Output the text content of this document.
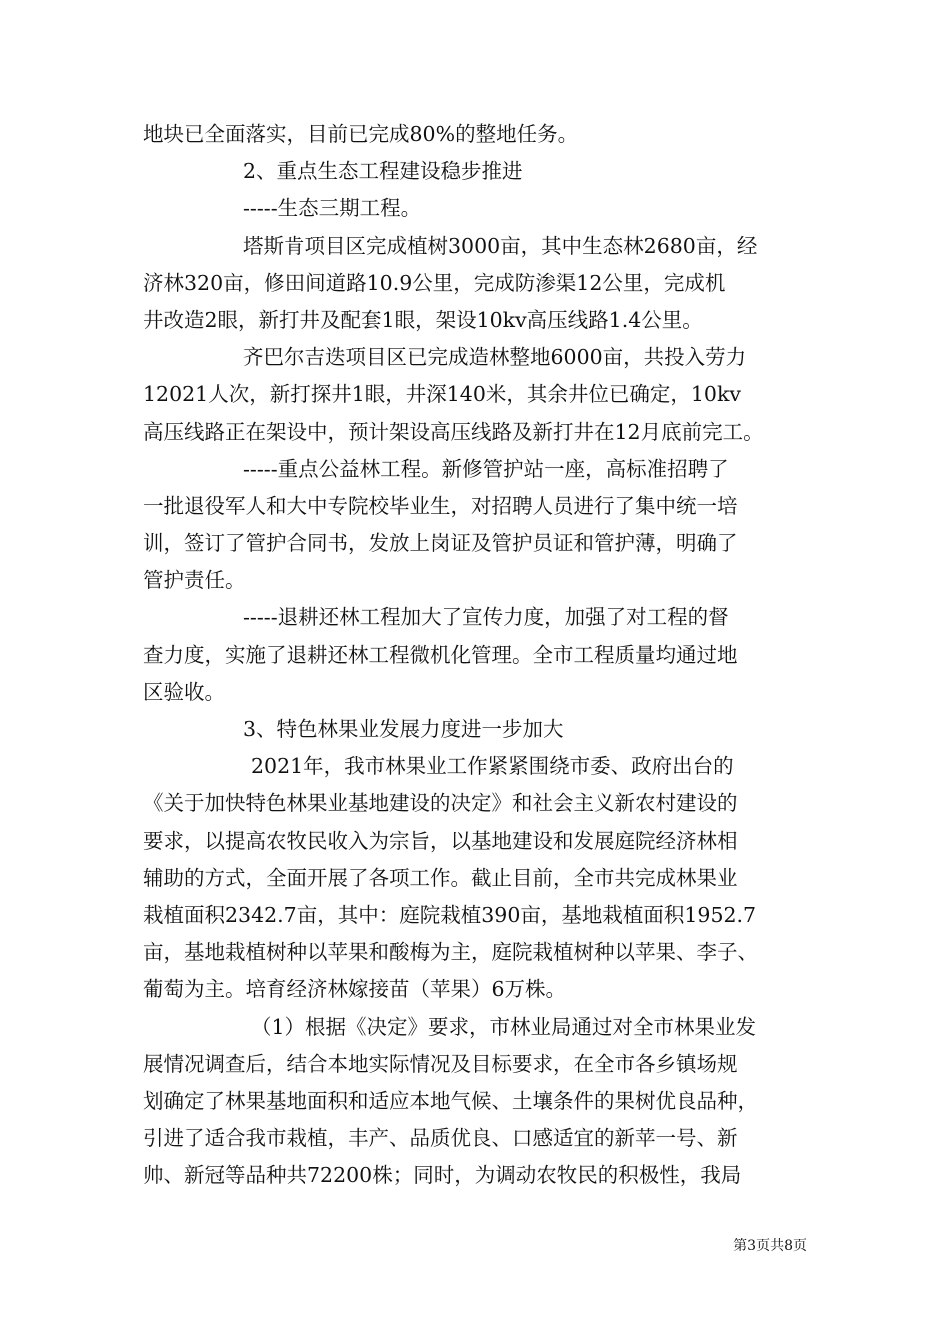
地块已全面落实，目前已完成80%的整地任务。
2、重点生态工程建设稳步推进
-----生态三期工程。
塔斯肯项目区完成植树3000亩，其中生态林2680亩，经
济林320亩，修田间道路10.9公里，完成防渗渠12公里，完成机
井改造2眼，新打井及配套1眼，架设10kv高压线路1.4公里。
齐巴尔吉迭项目区已完成造林整地6000亩，共投入劳力
12021人次，新打探井1眼，井深140米，其余井位已确定，10kv
高压线路正在架设中，预计架设高压线路及新打井在12月底前完工。
-----重点公益林工程。新修管护站一座，高标准招聘了
一批退役军人和大中专院校毕业生，对招聘人员进行了集中统一培
训，签订了管护合同书，发放上岗证及管护员证和管护薄，明确了
管护责任。
-----退耕还林工程加大了宣传力度，加强了对工程的督
查力度，实施了退耕还林工程微机化管理。全市工程质量均通过地
区验收。
3、特色林果业发展力度进一步加大
2021年，我市林果业工作紧紧围绕市委、政府出台的
《关于加快特色林果业基地建设的决定》和社会主义新农村建设的
要求，以提高农牧民收入为宗旨，以基地建设和发展庭院经济林相
辅助的方式，全面开展了各项工作。截止目前，全市共完成林果业
栽植面积2342.7亩，其中：庭院栽植390亩，基地栽植面积1952.7
亩，基地栽植树种以苹果和酸梅为主，庭院栽植树种以苹果、李子、
葡萄为主。培育经济林嫁接苗（苹果）6万株。
（1）根据《决定》要求，市林业局通过对全市林果业发
展情况调查后，结合本地实际情况及目标要求，在全市各乡镇场规
划确定了林果基地面积和适应本地气候、土壤条件的果树优良品种，
引进了适合我市栽植，丰产、品质优良、口感适宜的新苹一号、新
帅、新冠等品种共72200株；同时，为调动农牧民的积极性，我局
第3页共8页
